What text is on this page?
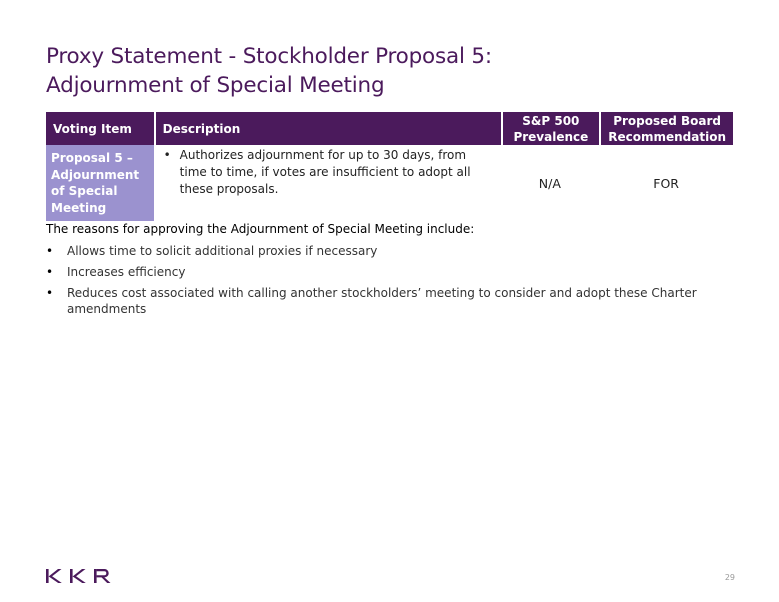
Proxy Statement - Stockholder Proposal 5:
Adjournment of Special Meeting
Voting Item	Description	S&P 500 Prevalence	Proposed Board Recommendation
Proposal 5 – Adjournment of Special Meeting	• Authorizes adjournment for up to 30 days, from time to time, if votes are insufficient to adopt all these proposals.	N/A	FOR
The reasons for approving the Adjournment of Special Meeting include:
•	Allows time to solicit additional proxies if necessary
•	Increases efficiency
•	Reduces cost associated with calling another stockholders’ meeting to consider and adopt these Charter amendments
29
